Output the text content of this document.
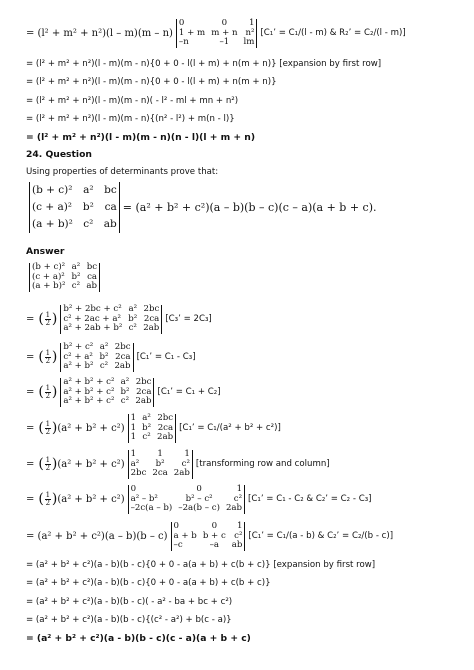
= (l² + m² + n²)(l – m)(m – n)
0	0	1
1 + m m + n n²
–n	–1	lm
[C₁’ = C₁/(l - m) & R₂’ = C₂/(l - m)]
= (l² + m² + n²)(l - m)(m - n){0 + 0 - l(l + m) + n(m + n)} [expansion by first row]
= (l² + m² + n²)(l - m)(m - n){0 + 0 - l(l + m) + n(m + n)}
= (l² + m² + n²)(l - m)(m - n)( - l² - ml + mn + n²)
= (l² + m² + n²)(l - m)(m - n){(n² - l²) + m(n - l)}
= (l² + m² + n²)(l - m)(m - n)(n - l)(l + m + n)
24. Question
Using properties of determinants prove that:
(b + c)² a² bc
(c + a)² b² ca
(a + b)² c² ab
= (a² + b² + c²)(a – b)(b – c)(c – a)(a + b + c).
Answer
(b + c)² a² bc
(c + a)² b² ca
(a + b)² c² ab
= ( $\frac{1}{2}$ )
b² + 2bc + c² a² 2bc
c² + 2ac + a² b² 2ca
a² + 2ab + b² c² 2ab
[C₃’ = 2C₃]
= ( $\frac{1}{2}$ )
b² + c² a² 2bc
c² + a² b² 2ca
a² + b² c² 2ab
[C₁’ = C₁ - C₃]
= ( $\frac{1}{2}$ )
a² + b² + c² a² 2bc
a² + b² + c² b² 2ca
a² + b² + c² c² 2ab
[C₁’ = C₁ + C₂]
= ( $\frac{1}{2}$ ) (a² + b² + c²)
1 a² 2bc
1 b² 2ca
1 c² 2ab
[C₁’ = C₁/(a² + b² + c²)]
= ( $\frac{1}{2}$ ) (a² + b² + c²)
1	1	1
a²	b²	c²
2bc 2ca 2ab
[transforming row and column]
= ( $\frac{1}{2}$ ) (a² + b² + c²)
0	0	1
a² – b²	b² – c²	c²
–2c(a – b) –2a(b – c) 2ab
[C₁’ = C₁ - C₂ & C₂’ = C₂ - C₃]
= (a² + b² + c²)(a – b)(b – c)
0	0	1
a + b b + c c²
–c	–a	ab
[C₁’ = C₁/(a - b) & C₂’ = C₂/(b - c)]
= (a² + b² + c²)(a - b)(b - c){0 + 0 - a(a + b) + c(b + c)} [expansion by first row]
= (a² + b² + c²)(a - b)(b - c){0 + 0 - a(a + b) + c(b + c)}
= (a² + b² + c²)(a - b)(b - c)( - a² - ba + bc + c²)
= (a² + b² + c²)(a - b)(b - c){(c² - a²) + b(c - a)}
= (a² + b² + c²)(a - b)(b - c)(c - a)(a + b + c)
